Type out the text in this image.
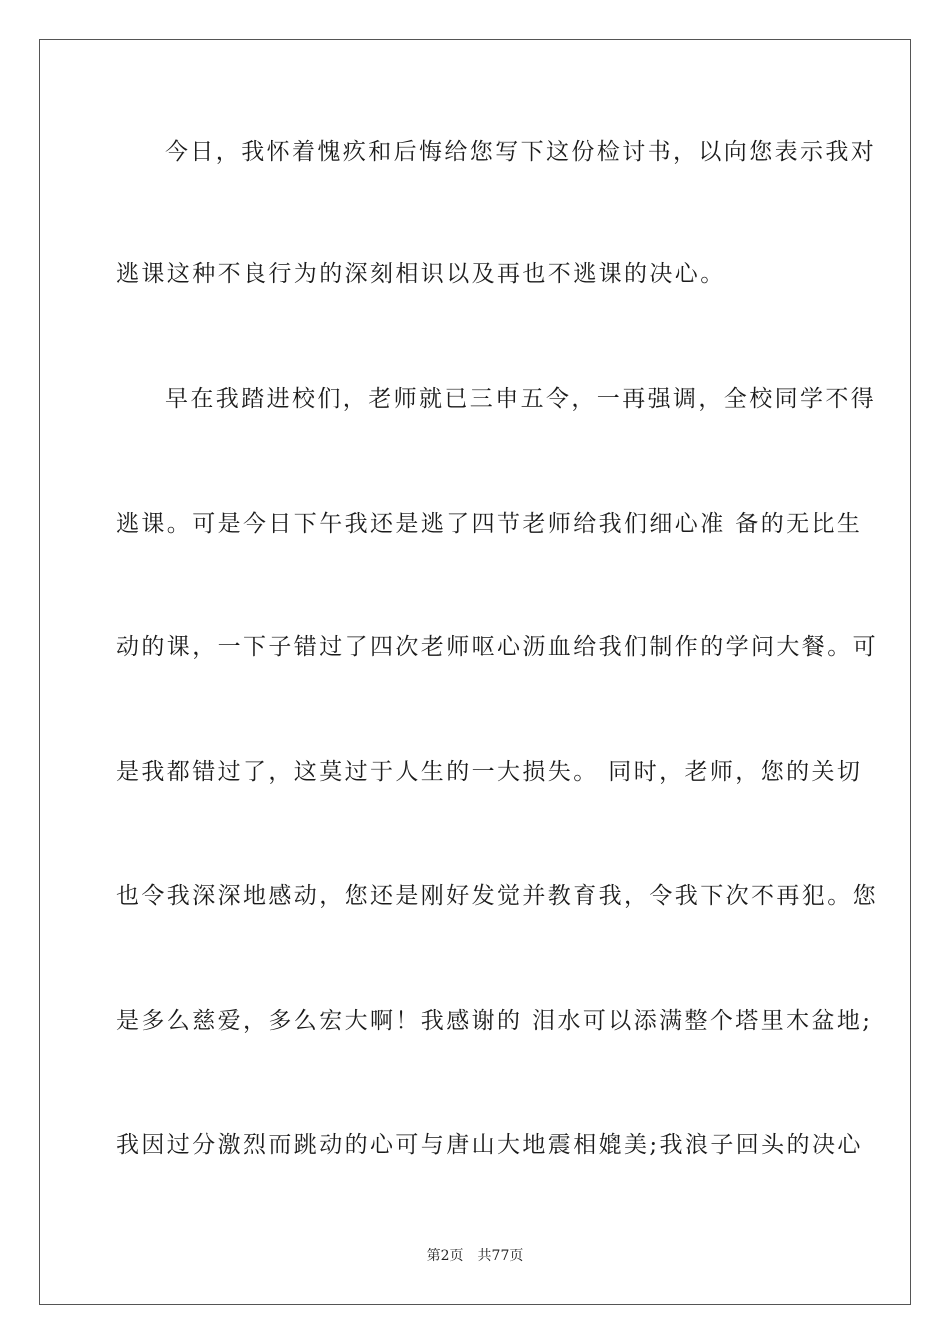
今日，我怀着愧疚和后悔给您写下这份检讨书，以向您表示我对
逃课这种不良行为的深刻相识以及再也不逃课的决心。
早在我踏进校们，老师就已三申五令，一再强调，全校同学不得
逃课。可是今日下午我还是逃了四节老师给我们细心准 备的无比生
动的课，一下子错过了四次老师呕心沥血给我们制作的学问大餐。可
是我都错过了，这莫过于人生的一大损失。 同时，老师，您的关切
也令我深深地感动，您还是刚好发觉并教育我，令我下次不再犯。您
是多么慈爱，多么宏大啊！我感谢的 泪水可以添满整个塔里木盆地;
我因过分激烈而跳动的心可与唐山大地震相媲美;我浪子回头的决心
第2页 共77页
